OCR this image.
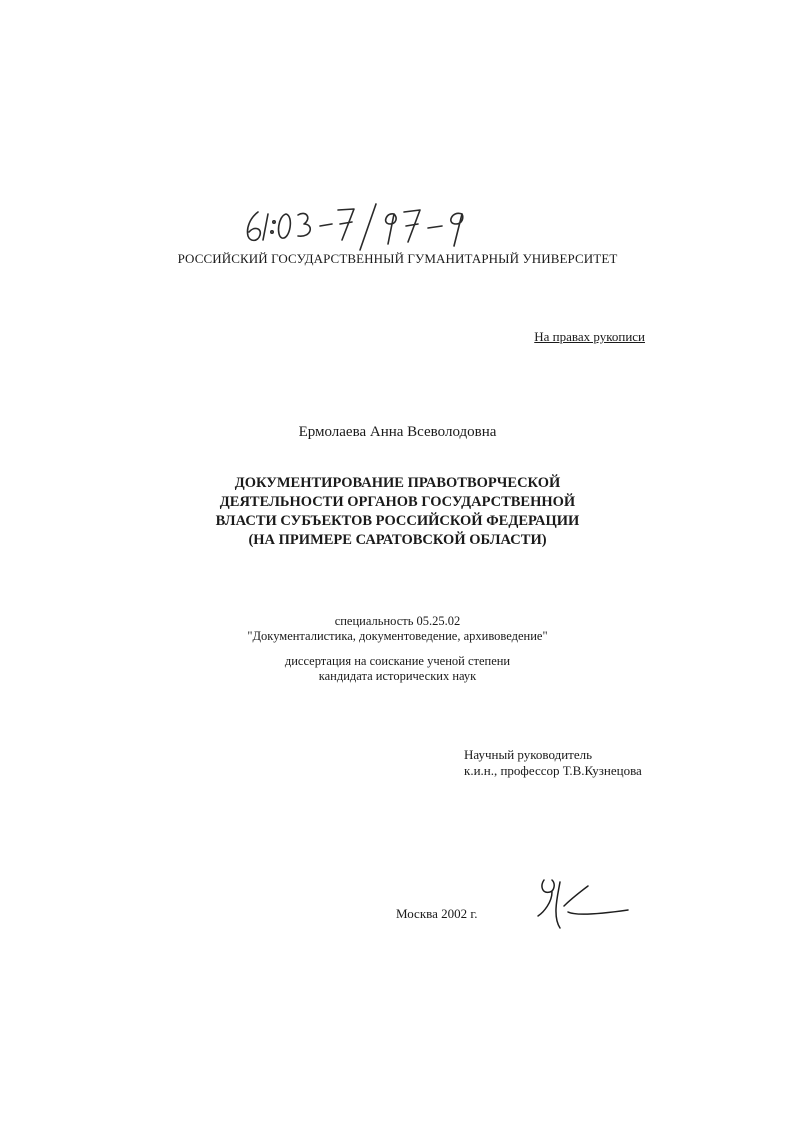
РОССИЙСКИЙ ГОСУДАРСТВЕННЫЙ ГУМАНИТАРНЫЙ УНИВЕРСИТЕТ
На правах рукописи
Ермолаева Анна Всеволодовна
ДОКУМЕНТИРОВАНИЕ ПРАВОТВОРЧЕСКОЙ
ДЕЯТЕЛЬНОСТИ ОРГАНОВ ГОСУДАРСТВЕННОЙ
ВЛАСТИ СУБЪЕКТОВ РОССИЙСКОЙ ФЕДЕРАЦИИ
(НА ПРИМЕРЕ САРАТОВСКОЙ ОБЛАСТИ)
специальность 05.25.02
"Документалистика, документоведение, архивоведение"
диссертация на соискание ученой степени
кандидата исторических наук
Научный руководитель
к.и.н., профессор Т.В.Кузнецова
Москва 2002 г.
